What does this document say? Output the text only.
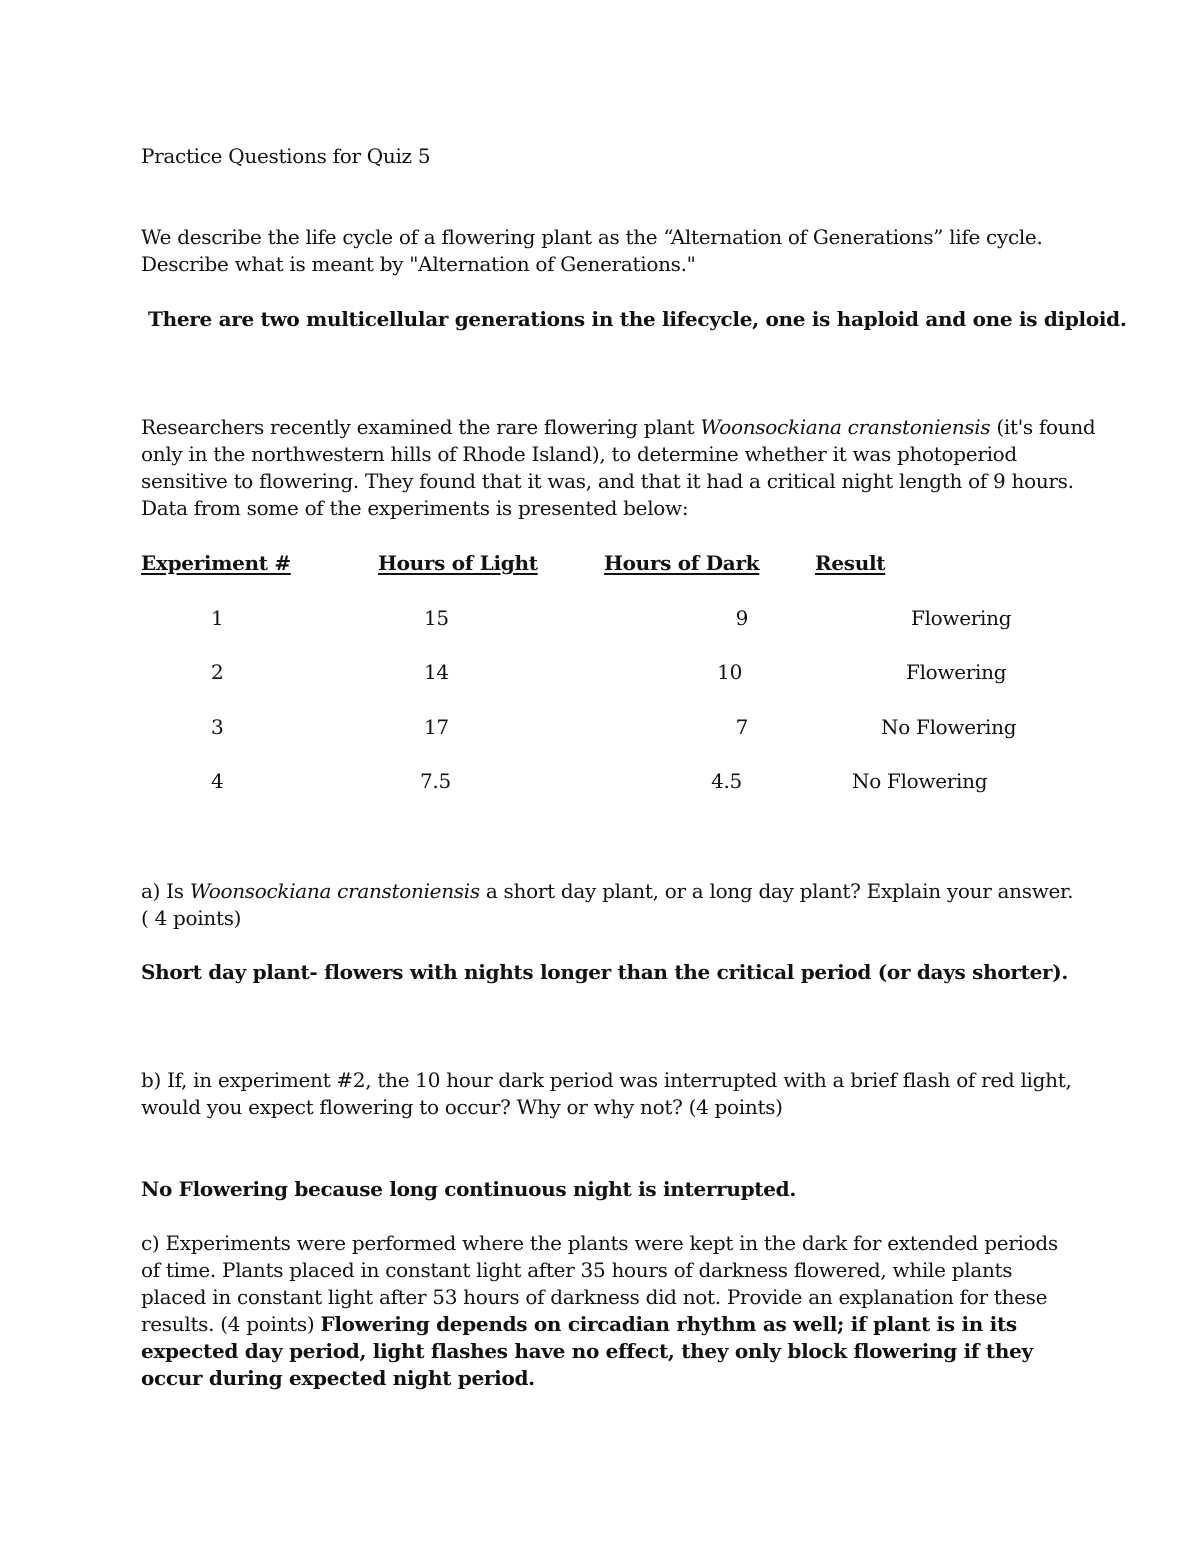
Practice Questions for Quiz 5

We describe the life cycle of a flowering plant as the “Alternation of Generations” life cycle.

Describe what is meant by "Alternation of Generations."

There are two multicellular generations in the lifecycle, one is haploid and one is diploid.

Researchers recently examined the rare flowering plant Woonsockiana cranstoniensis (it's found

only in the northwestern hills of Rhode Island), to determine whether it was photoperiod

sensitive to flowering. They found that it was, and that it had a critical night length of 9 hours.

Data from some of the experiments is presented below:

Experiment #	Hours of Light	Hours of Dark	Result

1	15	9	Flowering

2	14	10	Flowering

3	17	7	No Flowering

4	7.5	4.5	No Flowering

a) Is Woonsockiana cranstoniensis a short day plant, or a long day plant? Explain your answer.

( 4 points)

Short day plant- flowers with nights longer than the critical period (or days shorter).

b) If, in experiment #2, the 10 hour dark period was interrupted with a brief flash of red light,

would you expect flowering to occur? Why or why not? (4 points)

No Flowering because long continuous night is interrupted.

c) Experiments were performed where the plants were kept in the dark for extended periods of time. Plants placed in constant light after 35 hours of darkness flowered, while plants placed in constant light after 53 hours of darkness did not. Provide an explanation for these results. (4 points) Flowering depends on circadian rhythm as well; if plant is in its expected day period, light flashes have no effect, they only block flowering if they occur during expected night period.
